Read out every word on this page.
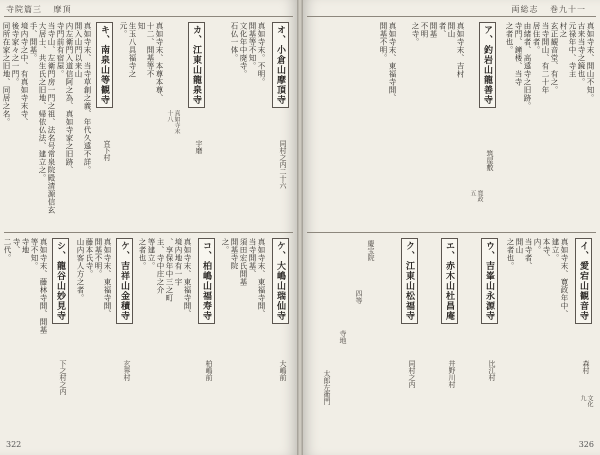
寺院篇三 摩頂
オ、小倉山摩頂寺
同村之内二十六
真如寺末。不明。
開基等不知。
文化年中廃寺。
石仏一体。
カ、江東山龍泉寺
宇磨
真如寺末
十八
真如寺末、本尊本尊、
十二、開基等不
知
生玉八具福寺之
元。
キ、南泉山等観寺
宮下村
真如寺末、当寺草創之義、年代久遠不詳。
開入山門以来山
内左衛門入道信阿之為、真如寺家之旧跡、
寺門前有宿屋。
当寺山、左衛門房一門之祖、法名号常泉院殿清源信玄
大居士、共生氏之旧地、帰依仏法、建立之。
手、開基。
境内寺之中、有真如寺末寺、
後寺家々之一門。
同所在家之旧地、同居之名。
ケ、大嶋山瑞仙寺
大嶋前
真如寺末、東福寺開、
当寺開基、
須田宏氏開基
開基寺院
之。
コ、柏嶋山福寿寺
柏嶋前
真如寺末、東福寺開、
境内地有一宇
、享保年中三之町
主、寺中庄之介
等建立。
之者也。
ケ、吉祥山金積寺
玄界村
真如寺末、東福寺開、
開基不明。
藤本氏寺。
山内客人方之者。
シ、龍谷山妙見寺
下之村之内
真如寺末、藤林寺開、開基
等不知。
寺地
寺、
二代。
322
両総志 巻九十一
真如寺末、開山不知。
古来当寺之鏡也。
元禄年中、寺主
村之
玄正観音堂、有之。
当寺開山、有二十年
居住者。
由緒者、高遠寺之旧跡。
寺門、鐘楼、当寺
之者也。
ア、釣岩山龍善寺
筑屋敷
寛政
五
真如寺末、吉村
開山
者、
開基
不明
之寺。
真如寺末、東福寺開、
開基不明。
イ、愛宕山観音寺
森村
文化
九
真如寺末、寛政年中、
建立。
本寺、
内。
当寺者、
開山
之者也。
ウ、吉峯山永源寺
比江村
エ、赤木山杜昌庵
井野川村
ク、江東山松福寺
同村之内
慶宝院
四等
寺地
太郎左衛門
326
